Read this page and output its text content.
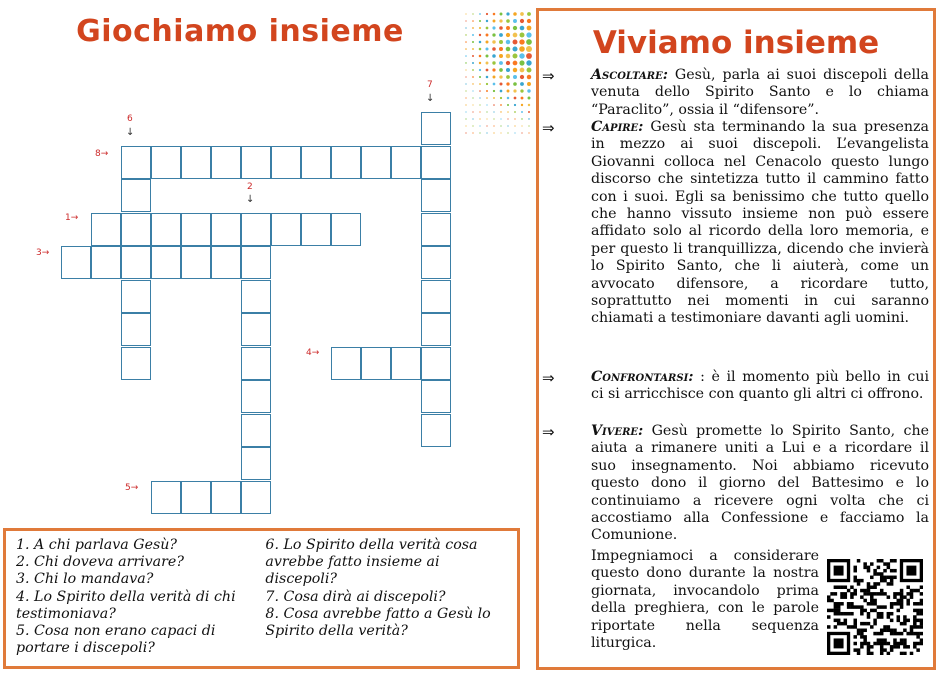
Giochiamo insieme
7
↓
6
↓
8→
2
↓
1→
3→
4→
5→

1. A chi parlava Gesù?

2. Chi doveva arrivare?

3. Chi lo mandava?

4. Lo Spirito della verità di chi testimoniava?

5. Cosa non erano capaci di portare i discepoli?

6. Lo Spirito della verità cosa avrebbe fatto insieme ai discepoli?

7. Cosa dirà ai discepoli?

8. Cosa avrebbe fatto a Gesù lo Spirito della verità?

Viviamo insieme
⇒	Ascoltare: Gesù, parla ai suoi discepoli della venuta dello Spirito Santo e lo chiama “Paraclito”, ossia il “difensore”.
⇒	Capire: Gesù sta terminando la sua presenza in mezzo ai suoi discepoli. L’evangelista Giovanni colloca nel Cenacolo questo lungo discorso che sintetizza tutto il cammino fatto con i suoi. Egli sa benissimo che tutto quello che hanno vissuto insieme non può essere affidato solo al ricordo della loro memoria, e per questo li tranquillizza, dicendo che invierà lo Spirito Santo, che li aiuterà, come un avvocato difensore, a ricordare tutto, soprattutto nei momenti in cui saranno chiamati a testimoniare davanti agli uomini.
⇒	Confrontarsi: : è il momento più bello in cui ci si arricchisce con quanto gli altri ci offrono.
⇒	Vivere: Gesù promette lo Spirito Santo, che aiuta a rimanere uniti a Lui e a ricordare il suo insegnamento. Noi abbiamo ricevuto questo dono il giorno del Battesimo e lo continuiamo a ricevere ogni volta che ci accostiamo alla Confessione e facciamo la Comunione.
Impegniamoci a considerare questo dono durante la nostra giornata, invocandolo prima della preghiera, con le parole riportate nella sequenza liturgica.
